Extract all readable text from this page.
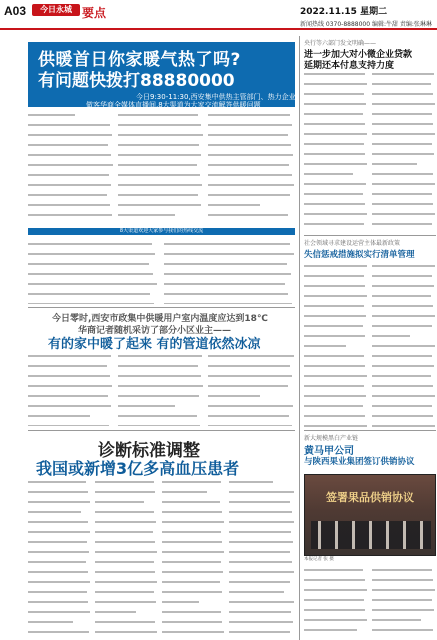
A03	今日永城 要点	2022.11.15 星期二
新闻热线 0370-8888000 编辑:牛甜 责编:张琳琳
供暖首日你家暖气热了吗?
有问题快拨打88880000
今日9:30-11:30,西安集中供热主管部门、热力企业
做客华商全媒体直播间,8大渠道为大家交流解答供暖问题
8大渠道欢迎大家参与我们的热线交流
今日零时,西安市政集中供暖用户室内温度应达到18℃
华商记者随机采访了部分小区业主——
有的家中暖了起来 有的管道依然冰凉
诊断标准调整
我国或新增3亿多高血压患者
央行等六部门发文明确——
进一步加大对小微企业贷款
延期还本付息支持力度
社会领域寻求建设运营主体最新政策
失信惩戒措施拟实行清单管理
新大规模黑白产业链
黄马甲公司
与陕西果业集团签订供销协议
签署果品供销协议
本报记者 张 摄
